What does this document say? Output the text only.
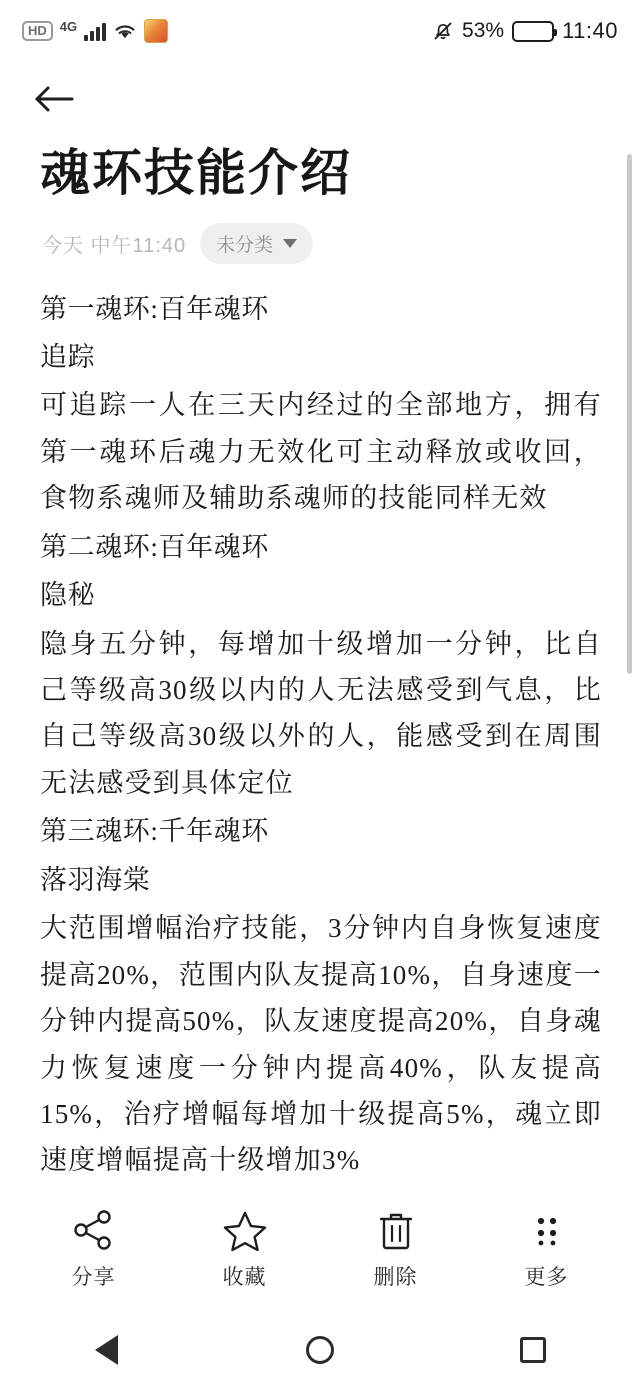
HD	4G	53%	11:40
魂环技能介绍
今天 中午11:40 未分类

第一魂环:百年魂环

追踪

可追踪一人在三天内经过的全部地方，拥有第一魂环后魂力无效化可主动释放或收回，食物系魂师及辅助系魂师的技能同样无效

第二魂环:百年魂环

隐秘

隐身五分钟，每增加十级增加一分钟，比自己等级高30级以内的人无法感受到气息，比自己等级高30级以外的人，能感受到在周围无法感受到具体定位

第三魂环:千年魂环

落羽海棠

大范围增幅治疗技能，3分钟内自身恢复速度提高20%，范围内队友提高10%，自身速度一分钟内提高50%，队友速度提高20%，自身魂力恢复速度一分钟内提高40%，队友提高15%，治疗增幅每增加十级提高5%，魂立即速度增幅提高十级增加3%

分享	收藏	删除	更多
